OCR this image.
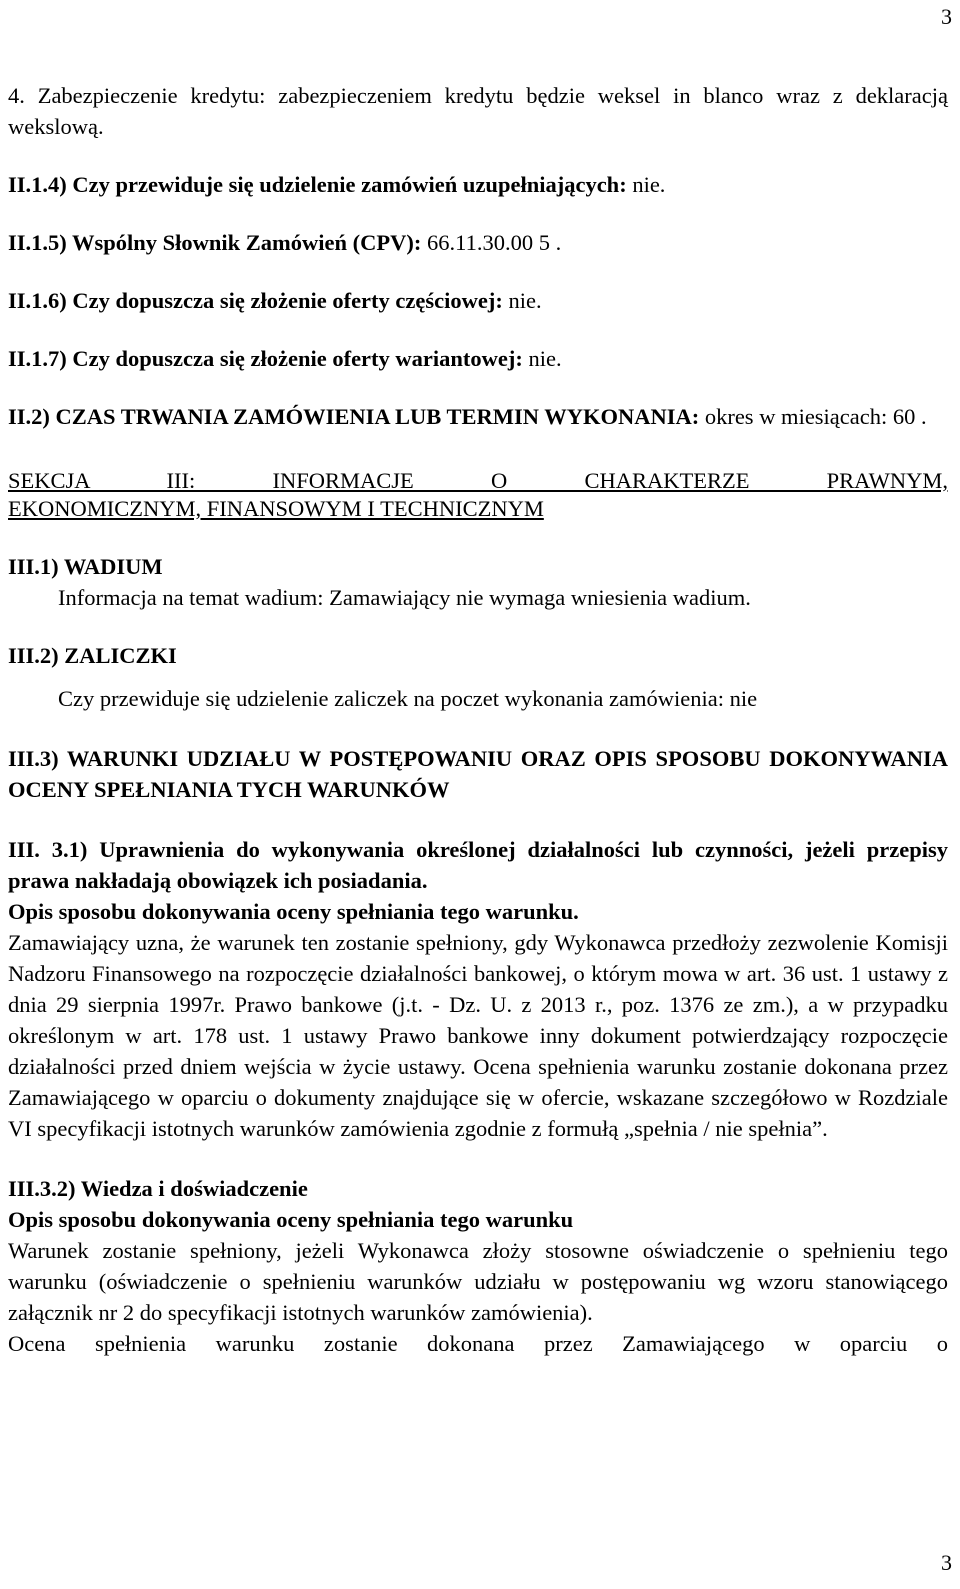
3

4. Zabezpieczenie kredytu: zabezpieczeniem kredytu będzie weksel in blanco wraz z deklaracją wekslową.

II.1.4) Czy przewiduje się udzielenie zamówień uzupełniających: nie.

II.1.5) Wspólny Słownik Zamówień (CPV): 66.11.30.00 5 .

II.1.6) Czy dopuszcza się złożenie oferty częściowej: nie.

II.1.7) Czy dopuszcza się złożenie oferty wariantowej: nie.

II.2) CZAS TRWANIA ZAMÓWIENIA LUB TERMIN WYKONANIA: okres w miesiącach: 60 .

SEKCJA III: INFORMACJE O CHARAKTERZE PRAWNYM,

EKONOMICZNYM, FINANSOWYM I TECHNICZNYM

III.1) WADIUM

Informacja na temat wadium: Zamawiający nie wymaga wniesienia wadium.

III.2) ZALICZKI

Czy przewiduje się udzielenie zaliczek na poczet wykonania zamówienia: nie

III.3) WARUNKI UDZIAŁU W POSTĘPOWANIU ORAZ OPIS SPOSOBU DOKONYWANIA OCENY SPEŁNIANIA TYCH WARUNKÓW

III. 3.1) Uprawnienia do wykonywania określonej działalności lub czynności, jeżeli przepisy prawa nakładają obowiązek ich posiadania.

Opis sposobu dokonywania oceny spełniania tego warunku.

Zamawiający uzna, że warunek ten zostanie spełniony, gdy Wykonawca przedłoży zezwolenie Komisji Nadzoru Finansowego na rozpoczęcie działalności bankowej, o którym mowa w art. 36 ust. 1 ustawy z dnia 29 sierpnia 1997r. Prawo bankowe (j.t. - Dz. U. z 2013 r., poz. 1376 ze zm.), a w przypadku określonym w art. 178 ust. 1 ustawy Prawo bankowe inny dokument potwierdzający rozpoczęcie działalności przed dniem wejścia w życie ustawy. Ocena spełnienia warunku zostanie dokonana przez Zamawiającego w oparciu o dokumenty znajdujące się w ofercie, wskazane szczegółowo w Rozdziale VI specyfikacji istotnych warunków zamówienia zgodnie z formułą „spełnia / nie spełnia”.

III.3.2) Wiedza i doświadczenie

Opis sposobu dokonywania oceny spełniania tego warunku

Warunek zostanie spełniony, jeżeli Wykonawca złoży stosowne oświadczenie o spełnieniu tego warunku (oświadczenie o spełnieniu warunków udziału w postępowaniu wg wzoru stanowiącego załącznik nr 2 do specyfikacji istotnych warunków zamówienia).

Ocena spełnienia warunku zostanie dokonana przez Zamawiającego w oparciu o

3
